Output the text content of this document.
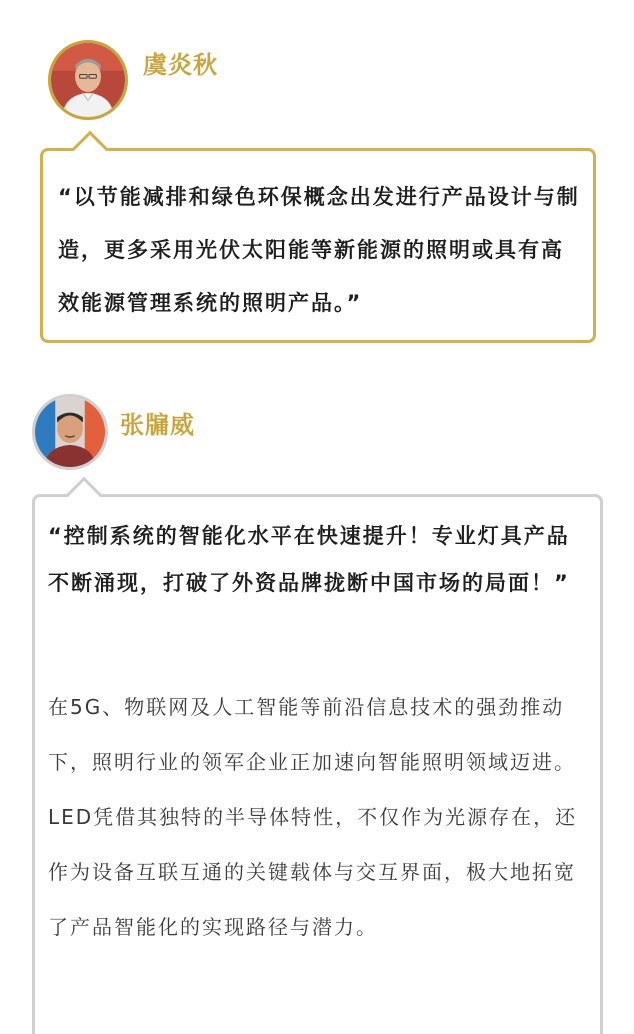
虞炎秋

“以节能减排和绿色环保概念出发进行产品设计与制造，更多采用光伏太阳能等新能源的照明或具有高效能源管理系统的照明产品。”

张牖威

“控制系统的智能化水平在快速提升！专业灯具产品不断涌现，打破了外资品牌拢断中国市场的局面！”

在5G、物联网及人工智能等前沿信息技术的强劲推动下，照明行业的领军企业正加速向智能照明领域迈进。LED凭借其独特的半导体特性，不仅作为光源存在，还作为设备互联互通的关键载体与交互界面，极大地拓宽了产品智能化的实现路径与潜力。
